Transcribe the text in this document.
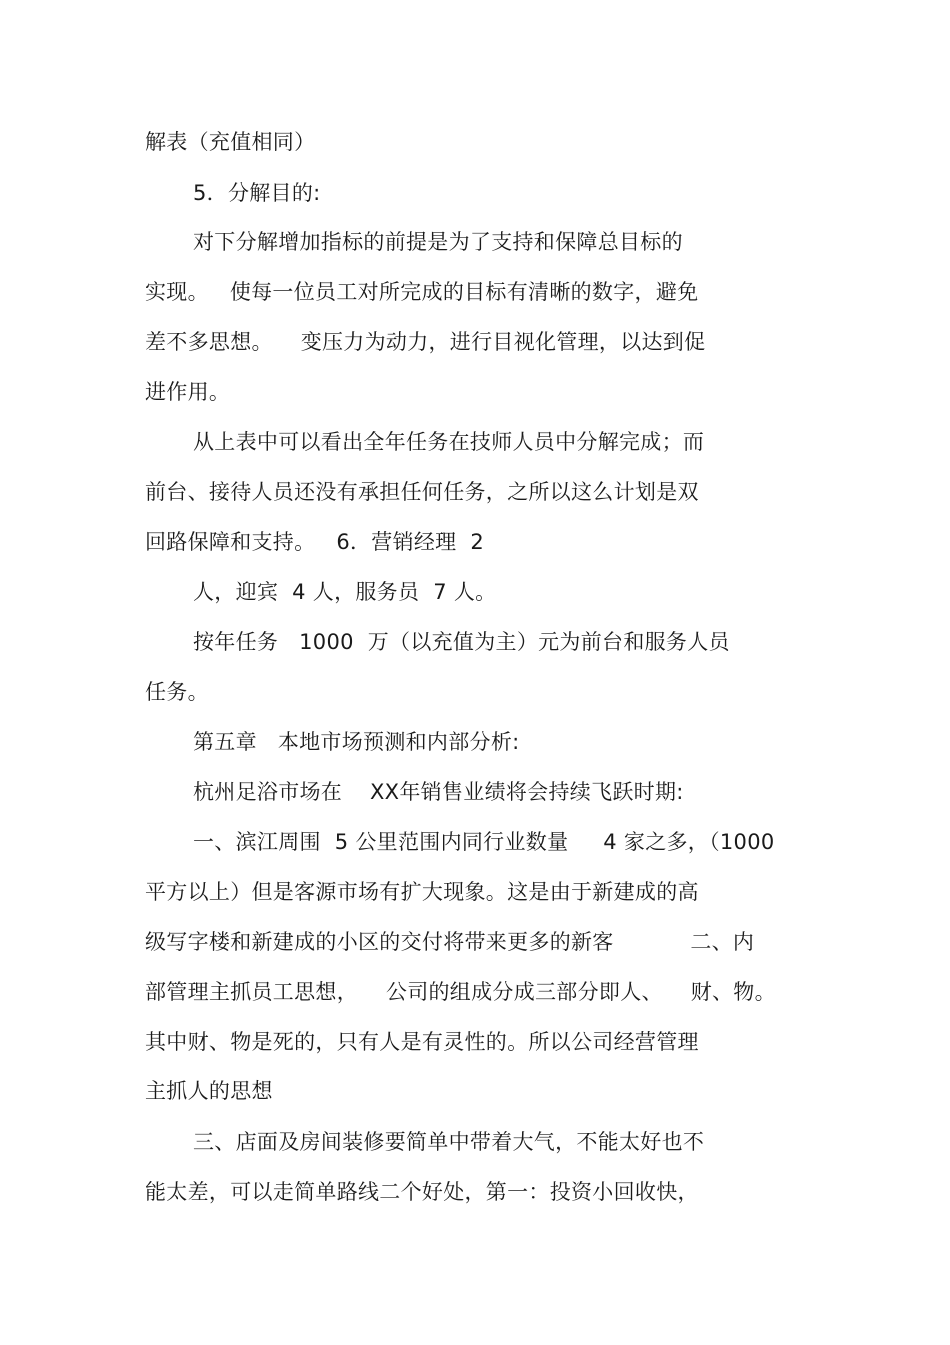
解表（充值相同）
5．分解目的:
对下分解增加指标的前提是为了支持和保障总目标的
实现。   使每一位员工对所完成的目标有清晰的数字，避免
差不多思想。    变压力为动力，进行目视化管理，以达到促
进作用。
从上表中可以看出全年任务在技师人员中分解完成；而
前台、接待人员还没有承担任何任务，之所以这么计划是双
回路保障和支持。   6．营销经理  2
人，迎宾  4 人，服务员  7 人。
按年任务   1000  万（以充值为主）元为前台和服务人员
任务。
第五章   本地市场预测和内部分析:
杭州足浴市场在    XX年销售业绩将会持续飞跃时期:
一、滨江周围  5 公里范围内同行业数量     4 家之多，（1000
平方以上）但是客源市场有扩大现象。这是由于新建成的高
级写字楼和新建成的小区的交付将带来更多的新客           二、内
部管理主抓员工思想，    公司的组成分成三部分即人、    财、物。
其中财、物是死的，只有人是有灵性的。所以公司经营管理
主抓人的思想
三、店面及房间装修要简单中带着大气，不能太好也不
能太差，可以走简单路线二个好处，第一：投资小回收快，
